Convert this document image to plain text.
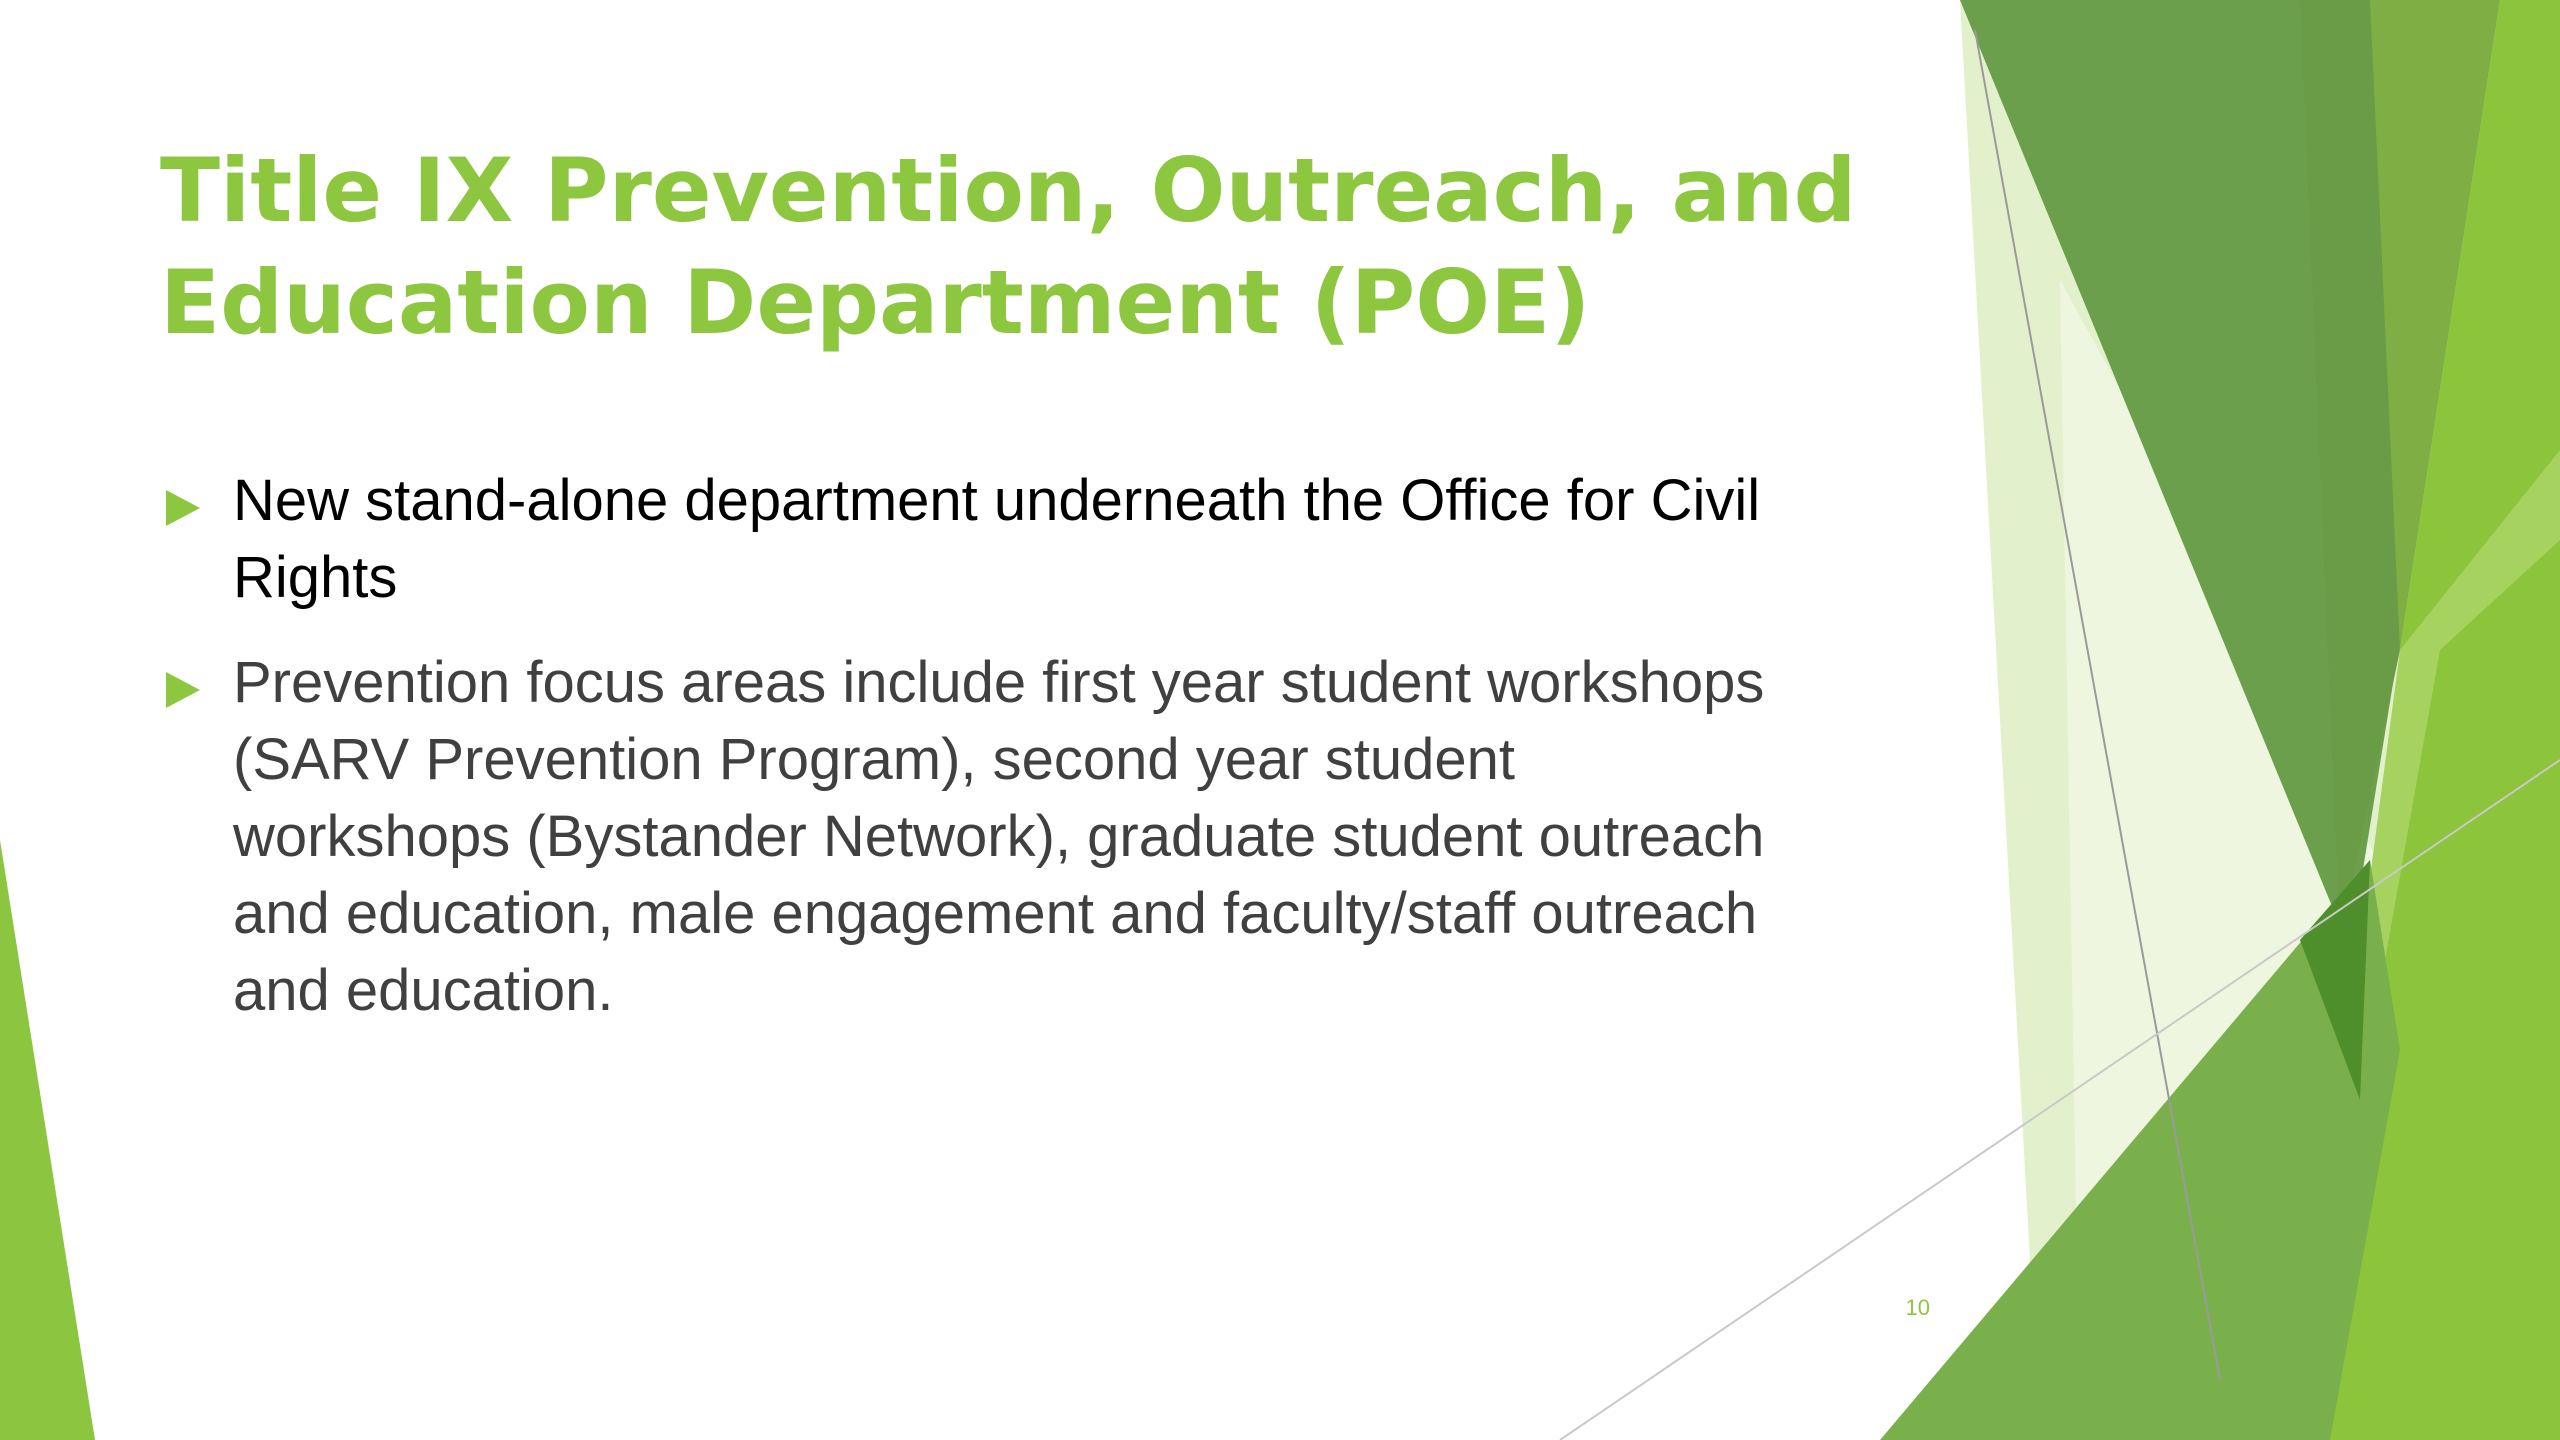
Title IX Prevention, Outreach, and
Education Department (POE)
New stand-alone department underneath the Office for Civil
Rights
Prevention focus areas include first year student workshops
(SARV Prevention Program), second year student
workshops (Bystander Network), graduate student outreach
and education, male engagement and faculty/staff outreach
and education.
10
